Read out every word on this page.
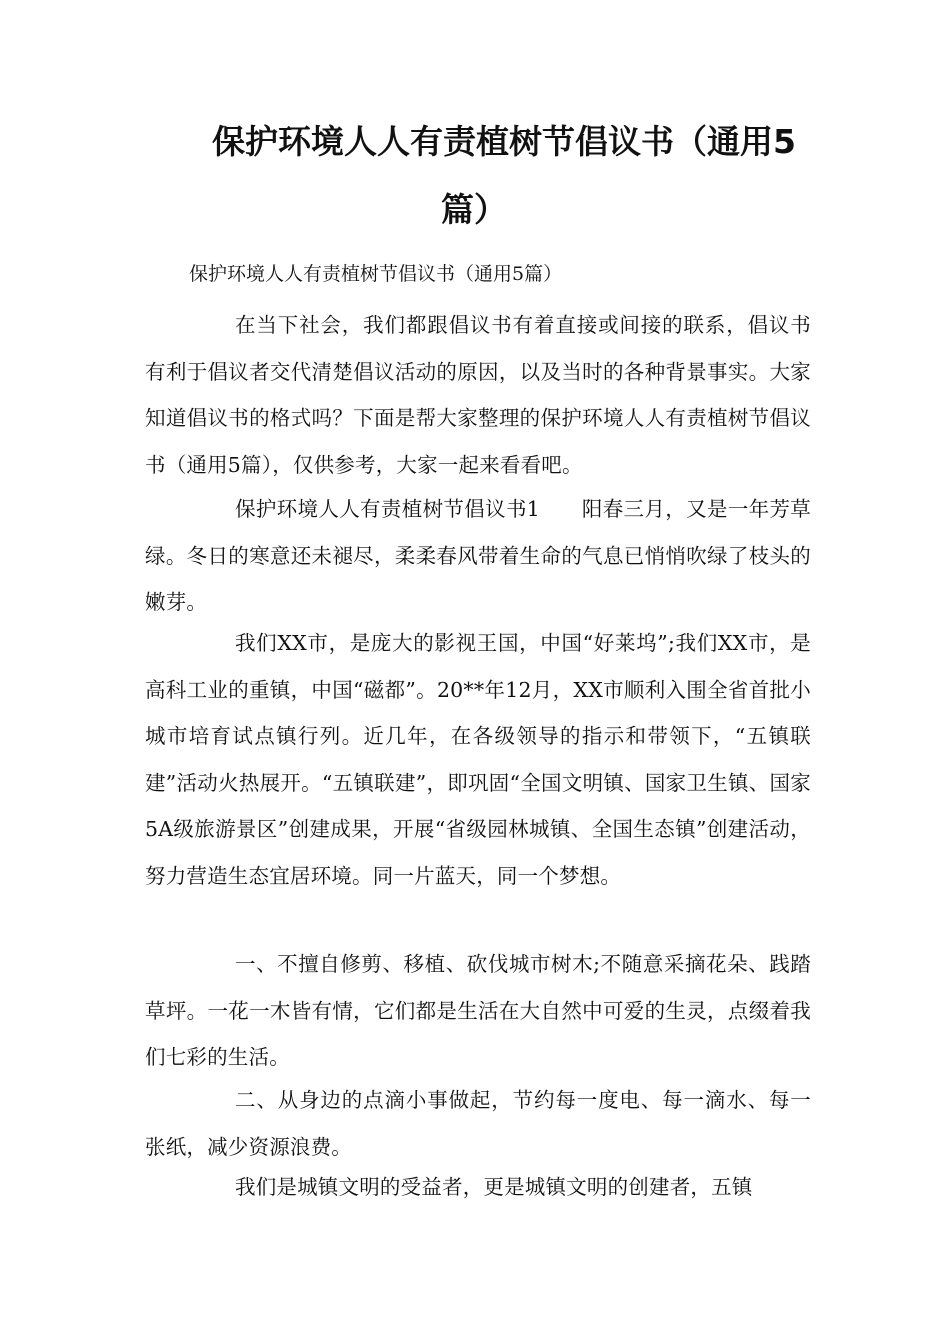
保护环境人人有责植树节倡议书（通用5
篇）
保护环境人人有责植树节倡议书（通用5篇）

在当下社会，我们都跟倡议书有着直接或间接的联系，倡议书有利于倡议者交代清楚倡议活动的原因，以及当时的各种背景事实。大家知道倡议书的格式吗？下面是帮大家整理的保护环境人人有责植树节倡议书（通用5篇），仅供参考，大家一起来看看吧。

保护环境人人有责植树节倡议书1　　阳春三月，又是一年芳草绿。冬日的寒意还未褪尽，柔柔春风带着生命的气息已悄悄吹绿了枝头的嫩芽。

我们XX市，是庞大的影视王国，中国“好莱坞”;我们XX市，是高科工业的重镇，中国“磁都”。20**年12月，XX市顺利入围全省首批小城市培育试点镇行列。近几年，在各级领导的指示和带领下，“五镇联建”活动火热展开。“五镇联建”，即巩固“全国文明镇、国家卫生镇、国家5A级旅游景区”创建成果，开展“省级园林城镇、全国生态镇”创建活动，努力营造生态宜居环境。同一片蓝天，同一个梦想。

一、不擅自修剪、移植、砍伐城市树木;不随意采摘花朵、践踏草坪。一花一木皆有情，它们都是生活在大自然中可爱的生灵，点缀着我们七彩的生活。

二、从身边的点滴小事做起，节约每一度电、每一滴水、每一张纸，减少资源浪费。

我们是城镇文明的受益者，更是城镇文明的创建者，五镇
